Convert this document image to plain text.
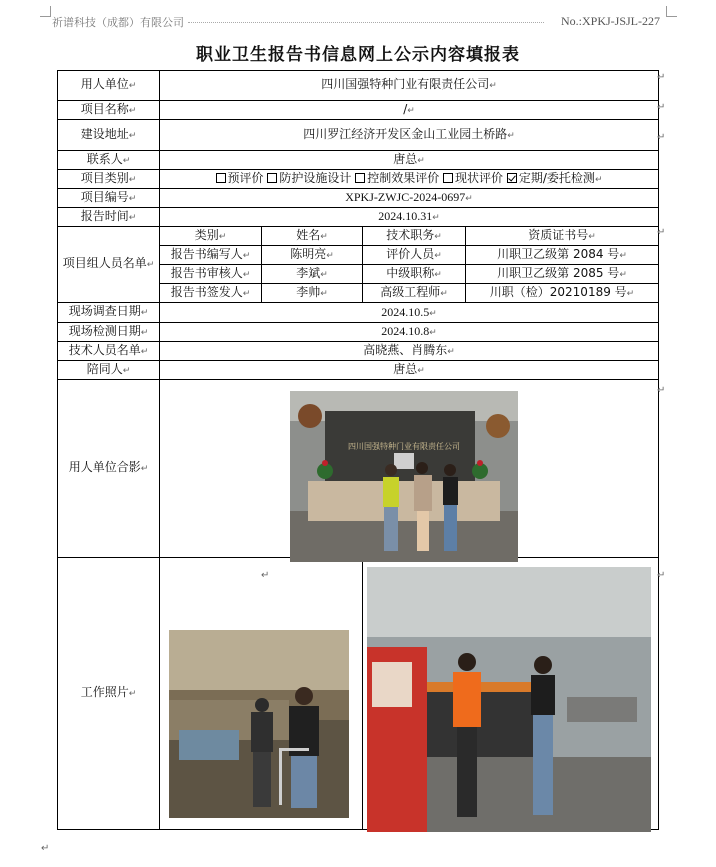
祈谱科技（成都）有限公司	No.:XPKJ-JSJL-227
职业卫生报告书信息网上公示内容填报表
用人单位↵	四川国强特种门业有限责任公司↵			
项目名称↵	/↵			
建设地址↵	四川罗江经济开发区金山工业园土桥路↵			
联系人↵	唐总↵			
项目类别↵	预评价 防护设施设计 控制效果评价 现状评价 定期/委托检测↵			
项目编号↵	XPKJ-ZWJC-2024-0697↵			
报告时间↵	2024.10.31↵			
项目组人员名单↵	类别↵	姓名↵	技术职务↵	资质证书号↵
	报告书编写人↵	陈明亮↵	评价人员↵	川职卫乙级第 2084 号↵
	报告书审核人↵	李斌↵	中级职称↵	川职卫乙级第 2085 号↵
	报告书签发人↵	李帅↵	高级工程师↵	川职（检）20210189 号↵
现场调查日期↵	2024.10.5↵			
现场检测日期↵	2024.10.8↵			
技术人员名单↵	高晓燕、肖腾东↵			
陪同人↵	唐总↵			
用人单位合影↵				
工作照片↵				
四川国强特种门业有限责任公司
↵
↵
↵
↵
↵
↵
↵
↵
